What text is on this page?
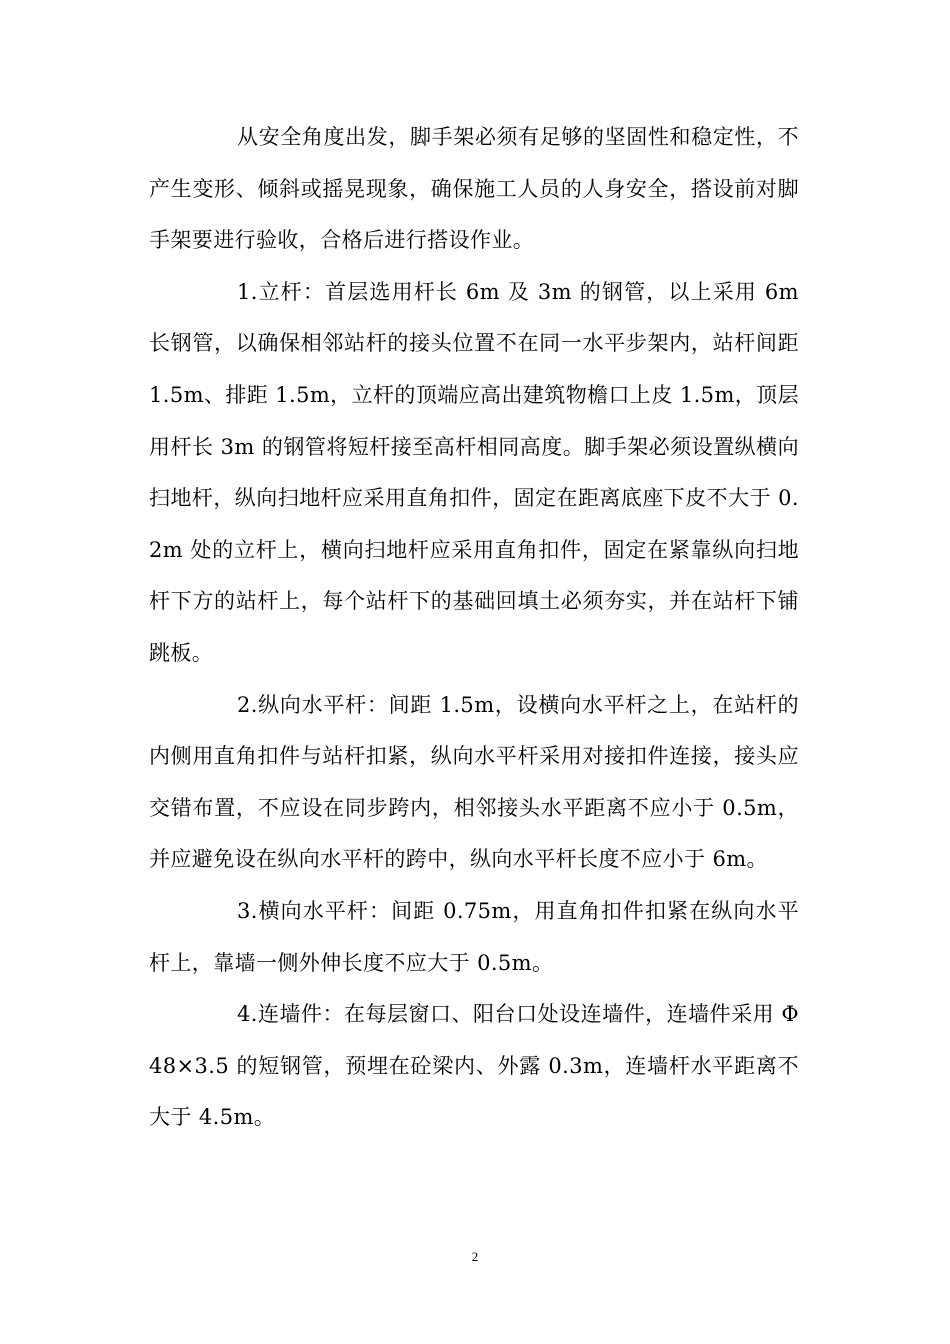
从安全角度出发，脚手架必须有足够的坚固性和稳定性，不产生变形、倾斜或摇晃现象，确保施工人员的人身安全，搭设前对脚手架要进行验收，合格后进行搭设作业。

1.立杆：首层选用杆长 6m 及 3m 的钢管，以上采用 6m 长钢管，以确保相邻站杆的接头位置不在同一水平步架内，站杆间距 1.5m、排距 1.5m，立杆的顶端应高出建筑物檐口上皮 1.5m，顶层用杆长 3m 的钢管将短杆接至高杆相同高度。脚手架必须设置纵横向扫地杆，纵向扫地杆应采用直角扣件，固定在距离底座下皮不大于 0.2m 处的立杆上，横向扫地杆应采用直角扣件，固定在紧靠纵向扫地杆下方的站杆上，每个站杆下的基础回填土必须夯实，并在站杆下铺跳板。

2.纵向水平杆：间距 1.5m，设横向水平杆之上，在站杆的内侧用直角扣件与站杆扣紧，纵向水平杆采用对接扣件连接，接头应交错布置，不应设在同步跨内，相邻接头水平距离不应小于 0.5m，并应避免设在纵向水平杆的跨中，纵向水平杆长度不应小于 6m。

3.横向水平杆：间距 0.75m，用直角扣件扣紧在纵向水平杆上，靠墙一侧外伸长度不应大于 0.5m。

4.连墙件：在每层窗口、阳台口处设连墙件，连墙件采用 Φ48×3.5 的短钢管，预埋在砼梁内、外露 0.3m，连墙杆水平距离不大于 4.5m。

2
